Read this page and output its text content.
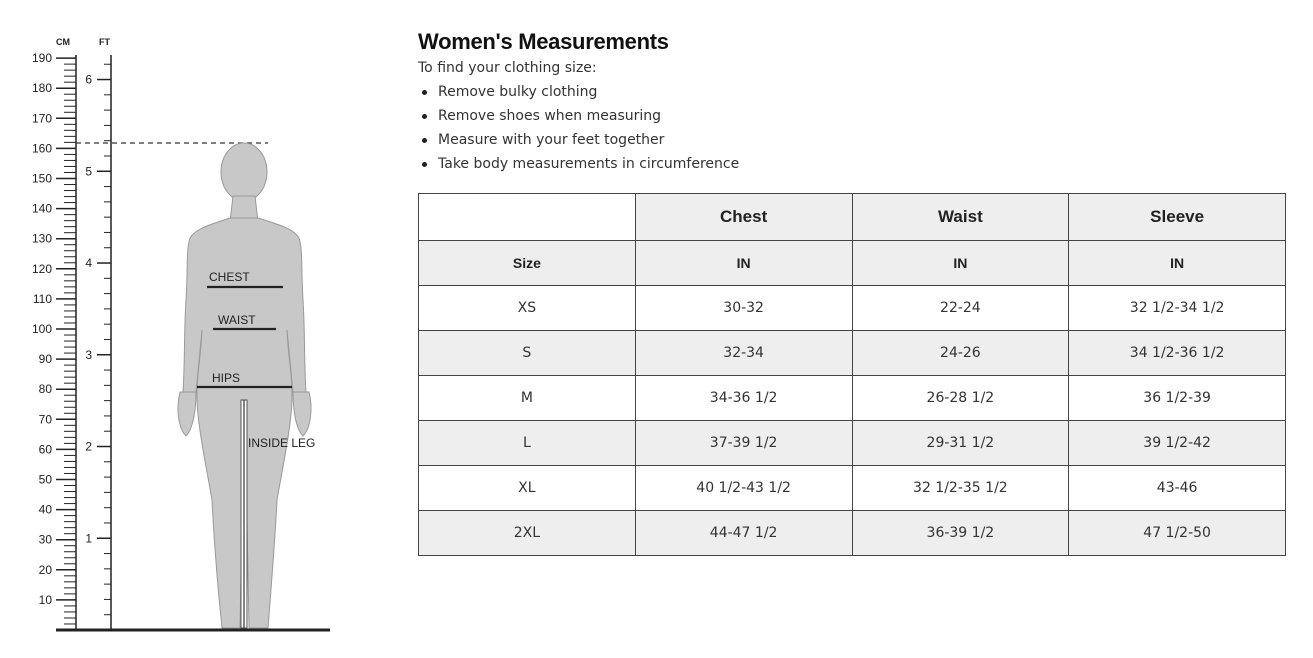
190
180
170
160
150
140
130
120
110
100
90
80
70
60
50
40
30
20
10
6
5
4
3
2
1
CHEST
WAIST
HIPS
INSIDE LEG
CM	FT	Women's Measurements
To find your clothing size:
Remove bulky clothing
Remove shoes when measuring
Measure with your feet together
Take body measurements in circumference
	Chest	Waist	Sleeve
Size	IN	IN	IN
XS	30-32	22-24	32 1/2-34 1/2
S	32-34	24-26	34 1/2-36 1/2
M	34-36 1/2	26-28 1/2	36 1/2-39
L	37-39 1/2	29-31 1/2	39 1/2-42
XL	40 1/2-43 1/2	32 1/2-35 1/2	43-46
2XL	44-47 1/2	36-39 1/2	47 1/2-50
